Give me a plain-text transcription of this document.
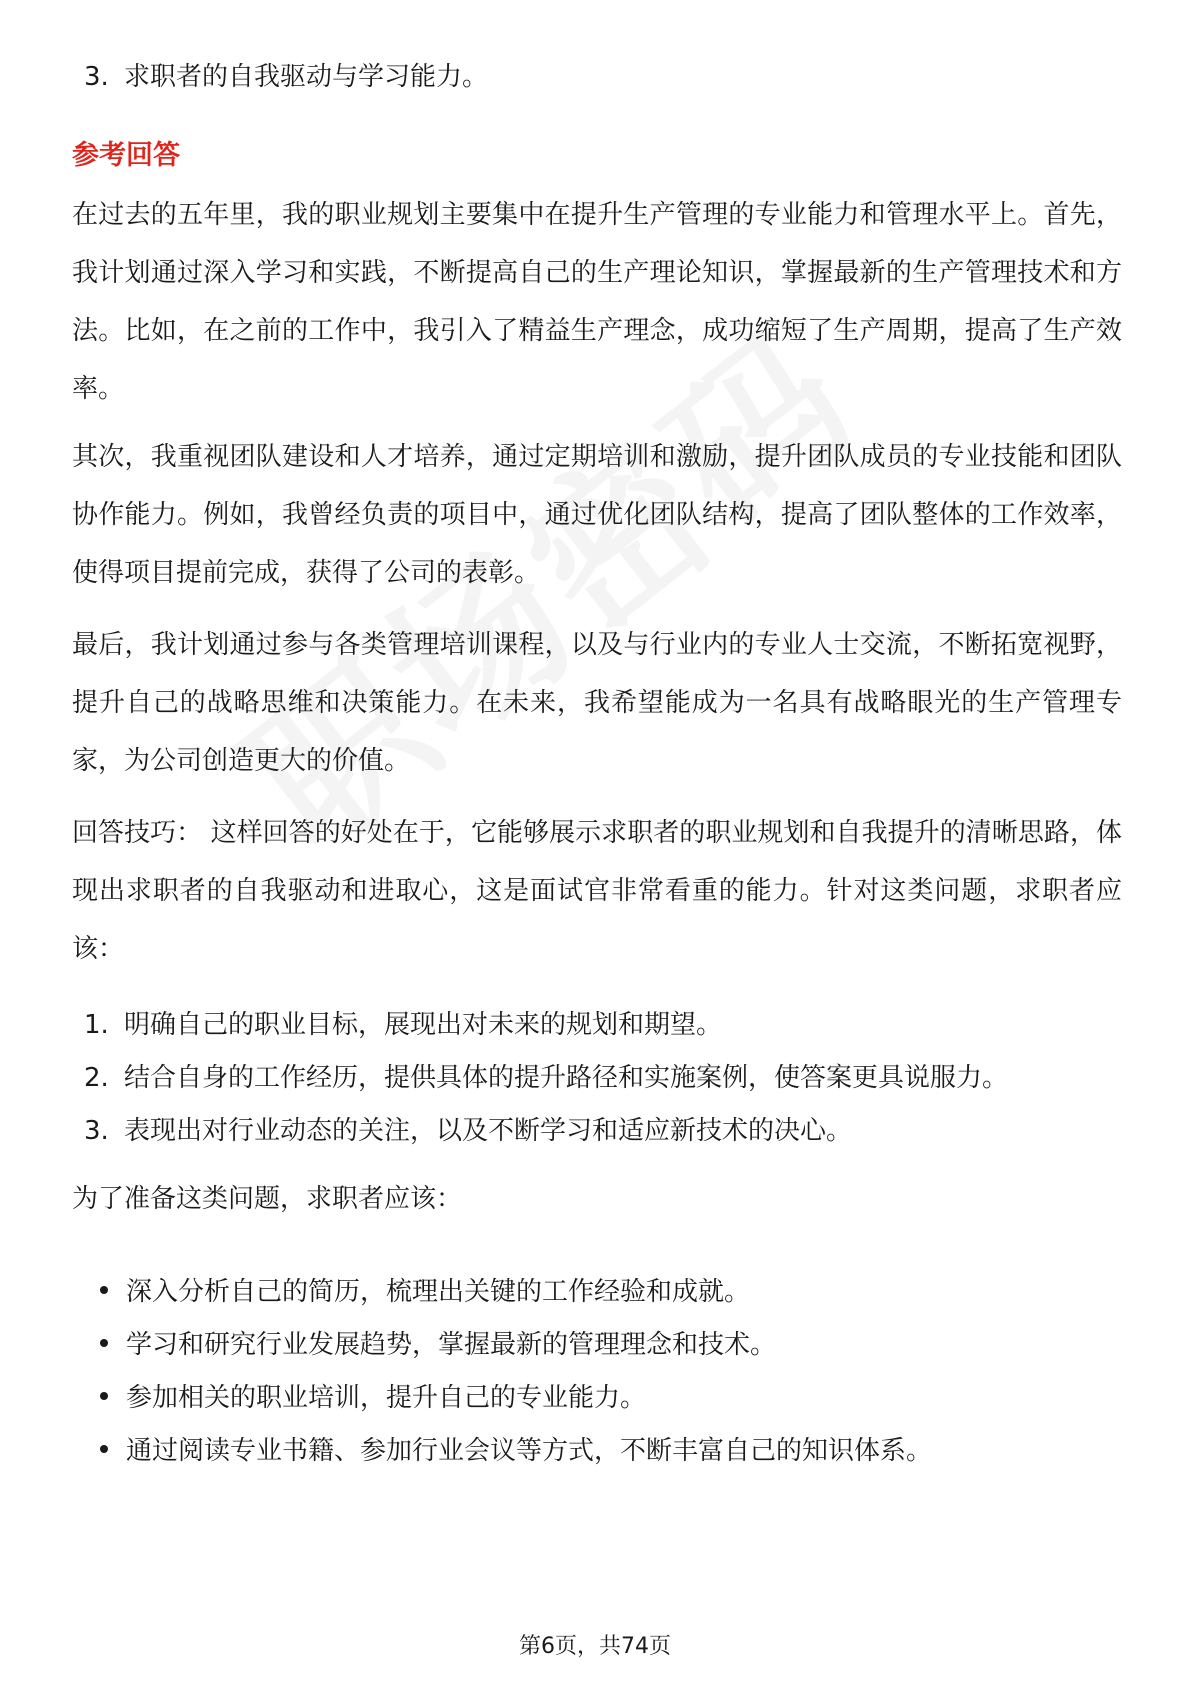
3. 求职者的自我驱动与学习能力。
参考回答

在过去的五年里，我的职业规划主要集中在提升生产管理的专业能力和管理水平上。首先，我计划通过深入学习和实践，不断提高自己的生产理论知识，掌握最新的生产管理技术和方法。比如，在之前的工作中，我引入了精益生产理念，成功缩短了生产周期，提高了生产效率。

其次，我重视团队建设和人才培养，通过定期培训和激励，提升团队成员的专业技能和团队协作能力。例如，我曾经负责的项目中，通过优化团队结构，提高了团队整体的工作效率，使得项目提前完成，获得了公司的表彰。

最后，我计划通过参与各类管理培训课程，以及与行业内的专业人士交流，不断拓宽视野，提升自己的战略思维和决策能力。在未来，我希望能成为一名具有战略眼光的生产管理专家，为公司创造更大的价值。

回答技巧： 这样回答的好处在于，它能够展示求职者的职业规划和自我提升的清晰思路，体现出求职者的自我驱动和进取心，这是面试官非常看重的能力。针对这类问题，求职者应该：

1. 明确自己的职业目标，展现出对未来的规划和期望。
2. 结合自身的工作经历，提供具体的提升路径和实施案例，使答案更具说服力。
3. 表现出对行业动态的关注，以及不断学习和适应新技术的决心。
为了准备这类问题，求职者应该：
深入分析自己的简历，梳理出关键的工作经验和成就。
学习和研究行业发展趋势，掌握最新的管理理念和技术。
参加相关的职业培训，提升自己的专业能力。
通过阅读专业书籍、参加行业会议等方式，不断丰富自己的知识体系。
第6页，共74页
